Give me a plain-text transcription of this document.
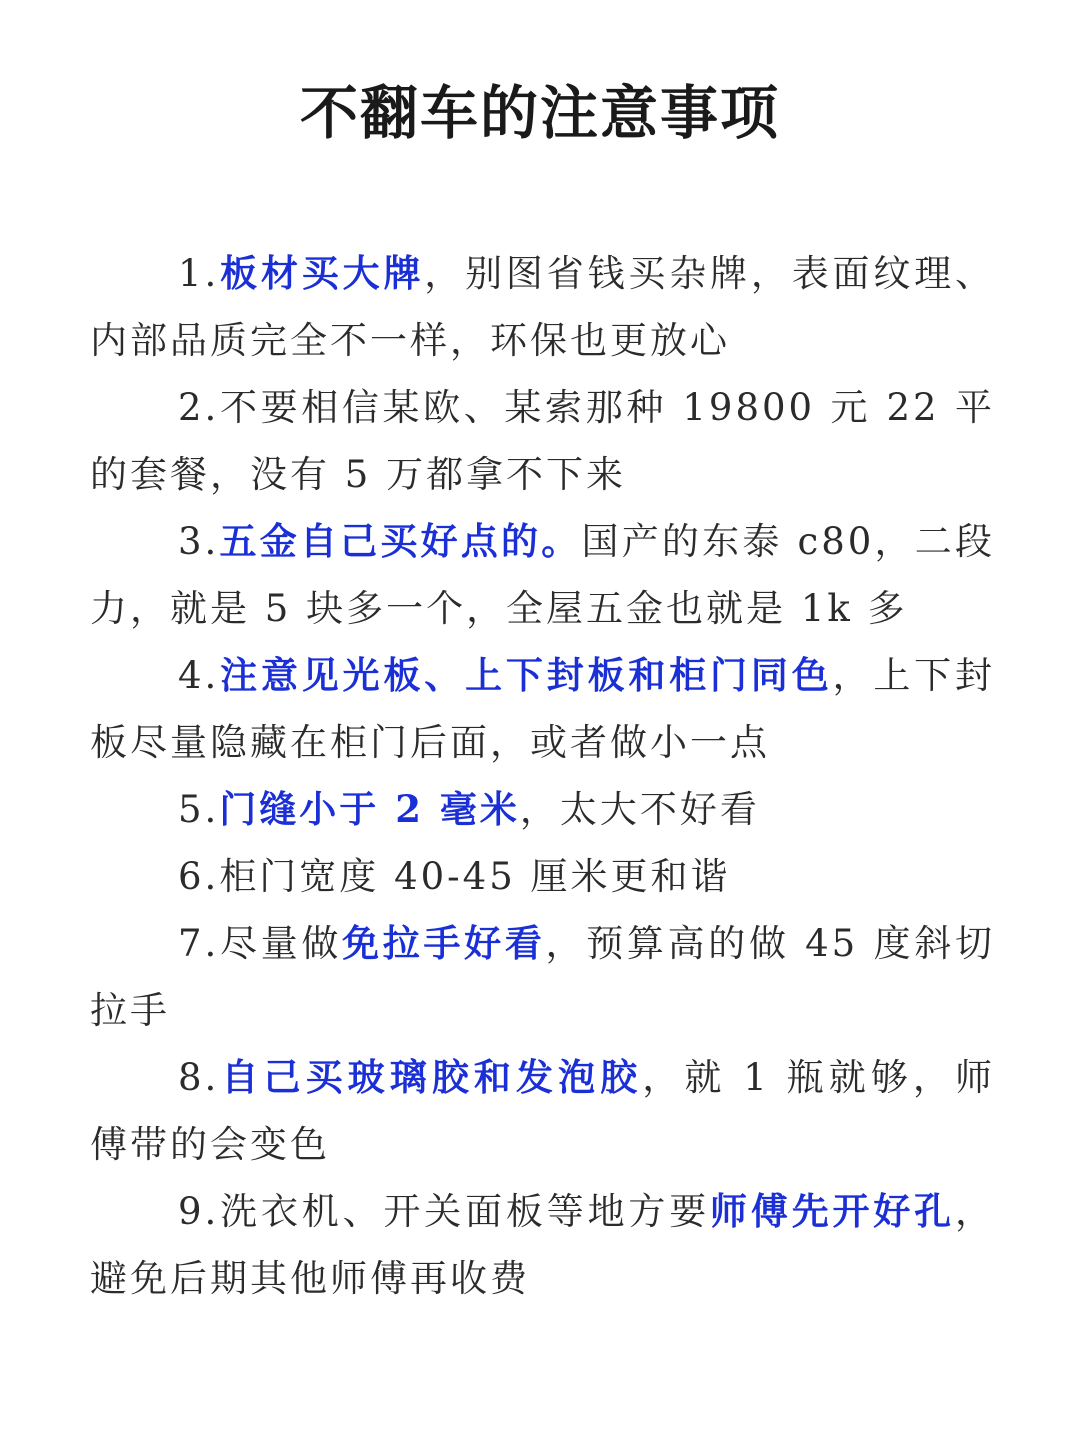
不翻车的注意事项

1.板材买大牌，别图省钱买杂牌，表面纹理、内部品质完全不一样，环保也更放心

2.不要相信某欧、某索那种 19800 元 22 平的套餐，没有 5 万都拿不下来

3.五金自己买好点的。国产的东泰 c80，二段力，就是 5 块多一个，全屋五金也就是 1k 多

4.注意见光板、上下封板和柜门同色，上下封板尽量隐藏在柜门后面，或者做小一点

5.门缝小于 2 毫米，太大不好看

6.柜门宽度 40-45 厘米更和谐

7.尽量做免拉手好看，预算高的做 45 度斜切拉手

8.自己买玻璃胶和发泡胶，就 1 瓶就够，师傅带的会变色

9.洗衣机、开关面板等地方要师傅先开好孔，避免后期其他师傅再收费
